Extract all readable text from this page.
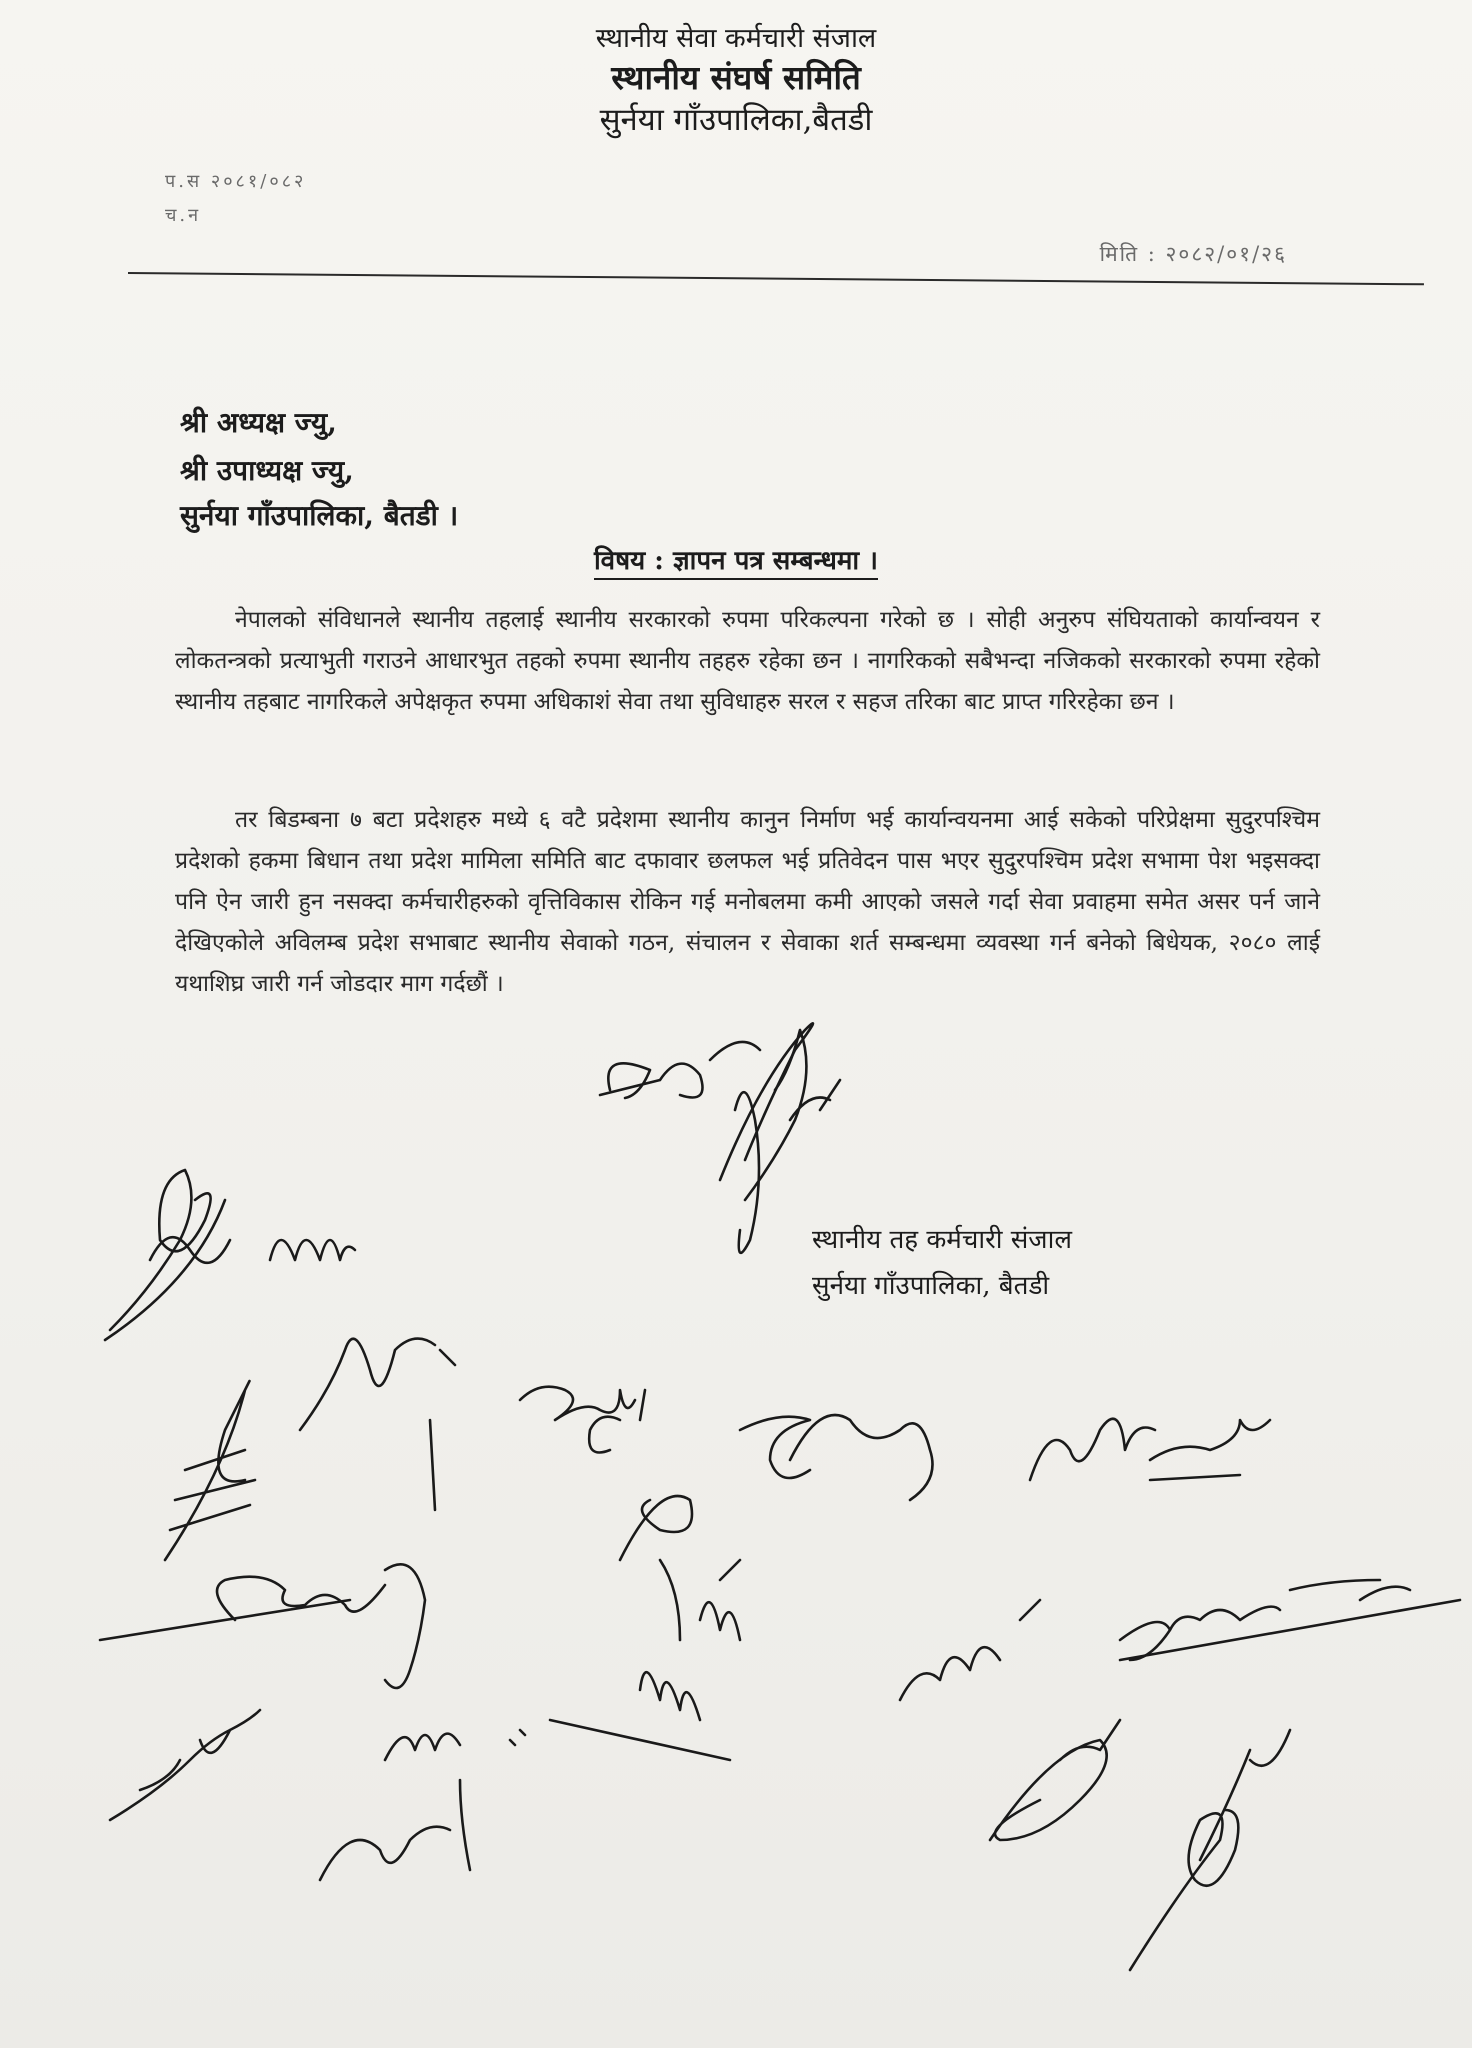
स्थानीय सेवा कर्मचारी संजाल
स्थानीय संघर्ष समिति
सुर्नया गाँउपालिका,बैतडी
प.स २०८१/०८२
च.न
मिति : २०८२/०१/२६
श्री अध्यक्ष ज्यु,
श्री उपाध्यक्ष ज्यु,
सुर्नया गाँउपालिका, बैतडी ।
विषय : ज्ञापन पत्र सम्बन्धमा ।
नेपालको संविधानले स्थानीय तहलाई स्थानीय सरकारको रुपमा परिकल्पना गरेको छ । सोही अनुरुप संघियताको कार्यान्वयन र लोकतन्त्रको प्रत्याभुती गराउने आधारभुत तहको रुपमा स्थानीय तहहरु रहेका छन । नागरिकको सबैभन्दा नजिकको सरकारको रुपमा रहेको स्थानीय तहबाट नागरिकले अपेक्षकृत रुपमा अधिकाशं सेवा तथा सुविधाहरु सरल र सहज तरिका बाट प्राप्त गरिरहेका छन ।
तर बिडम्बना ७ बटा प्रदेशहरु मध्ये ६ वटै प्रदेशमा स्थानीय कानुन निर्माण भई कार्यान्वयनमा आई सकेको परिप्रेक्षमा सुदुरपश्चिम प्रदेशको हकमा बिधान तथा प्रदेश मामिला समिति बाट दफावार छलफल भई प्रतिवेदन पास भएर सुदुरपश्चिम प्रदेश सभामा पेश भइसक्दा पनि ऐन जारी हुन नसक्दा कर्मचारीहरुको वृत्तिविकास रोकिन गई मनोबलमा कमी आएको जसले गर्दा सेवा प्रवाहमा समेत असर पर्न जाने देखिएकोले अविलम्ब प्रदेश सभाबाट स्थानीय सेवाको गठन, संचालन र सेवाका शर्त सम्बन्धमा व्यवस्था गर्न बनेको बिधेयक, २०८० लाई यथाशिघ्र जारी गर्न जोडदार माग गर्दछौं ।
स्थानीय तह कर्मचारी संजाल
सुर्नया गाँउपालिका, बैतडी
